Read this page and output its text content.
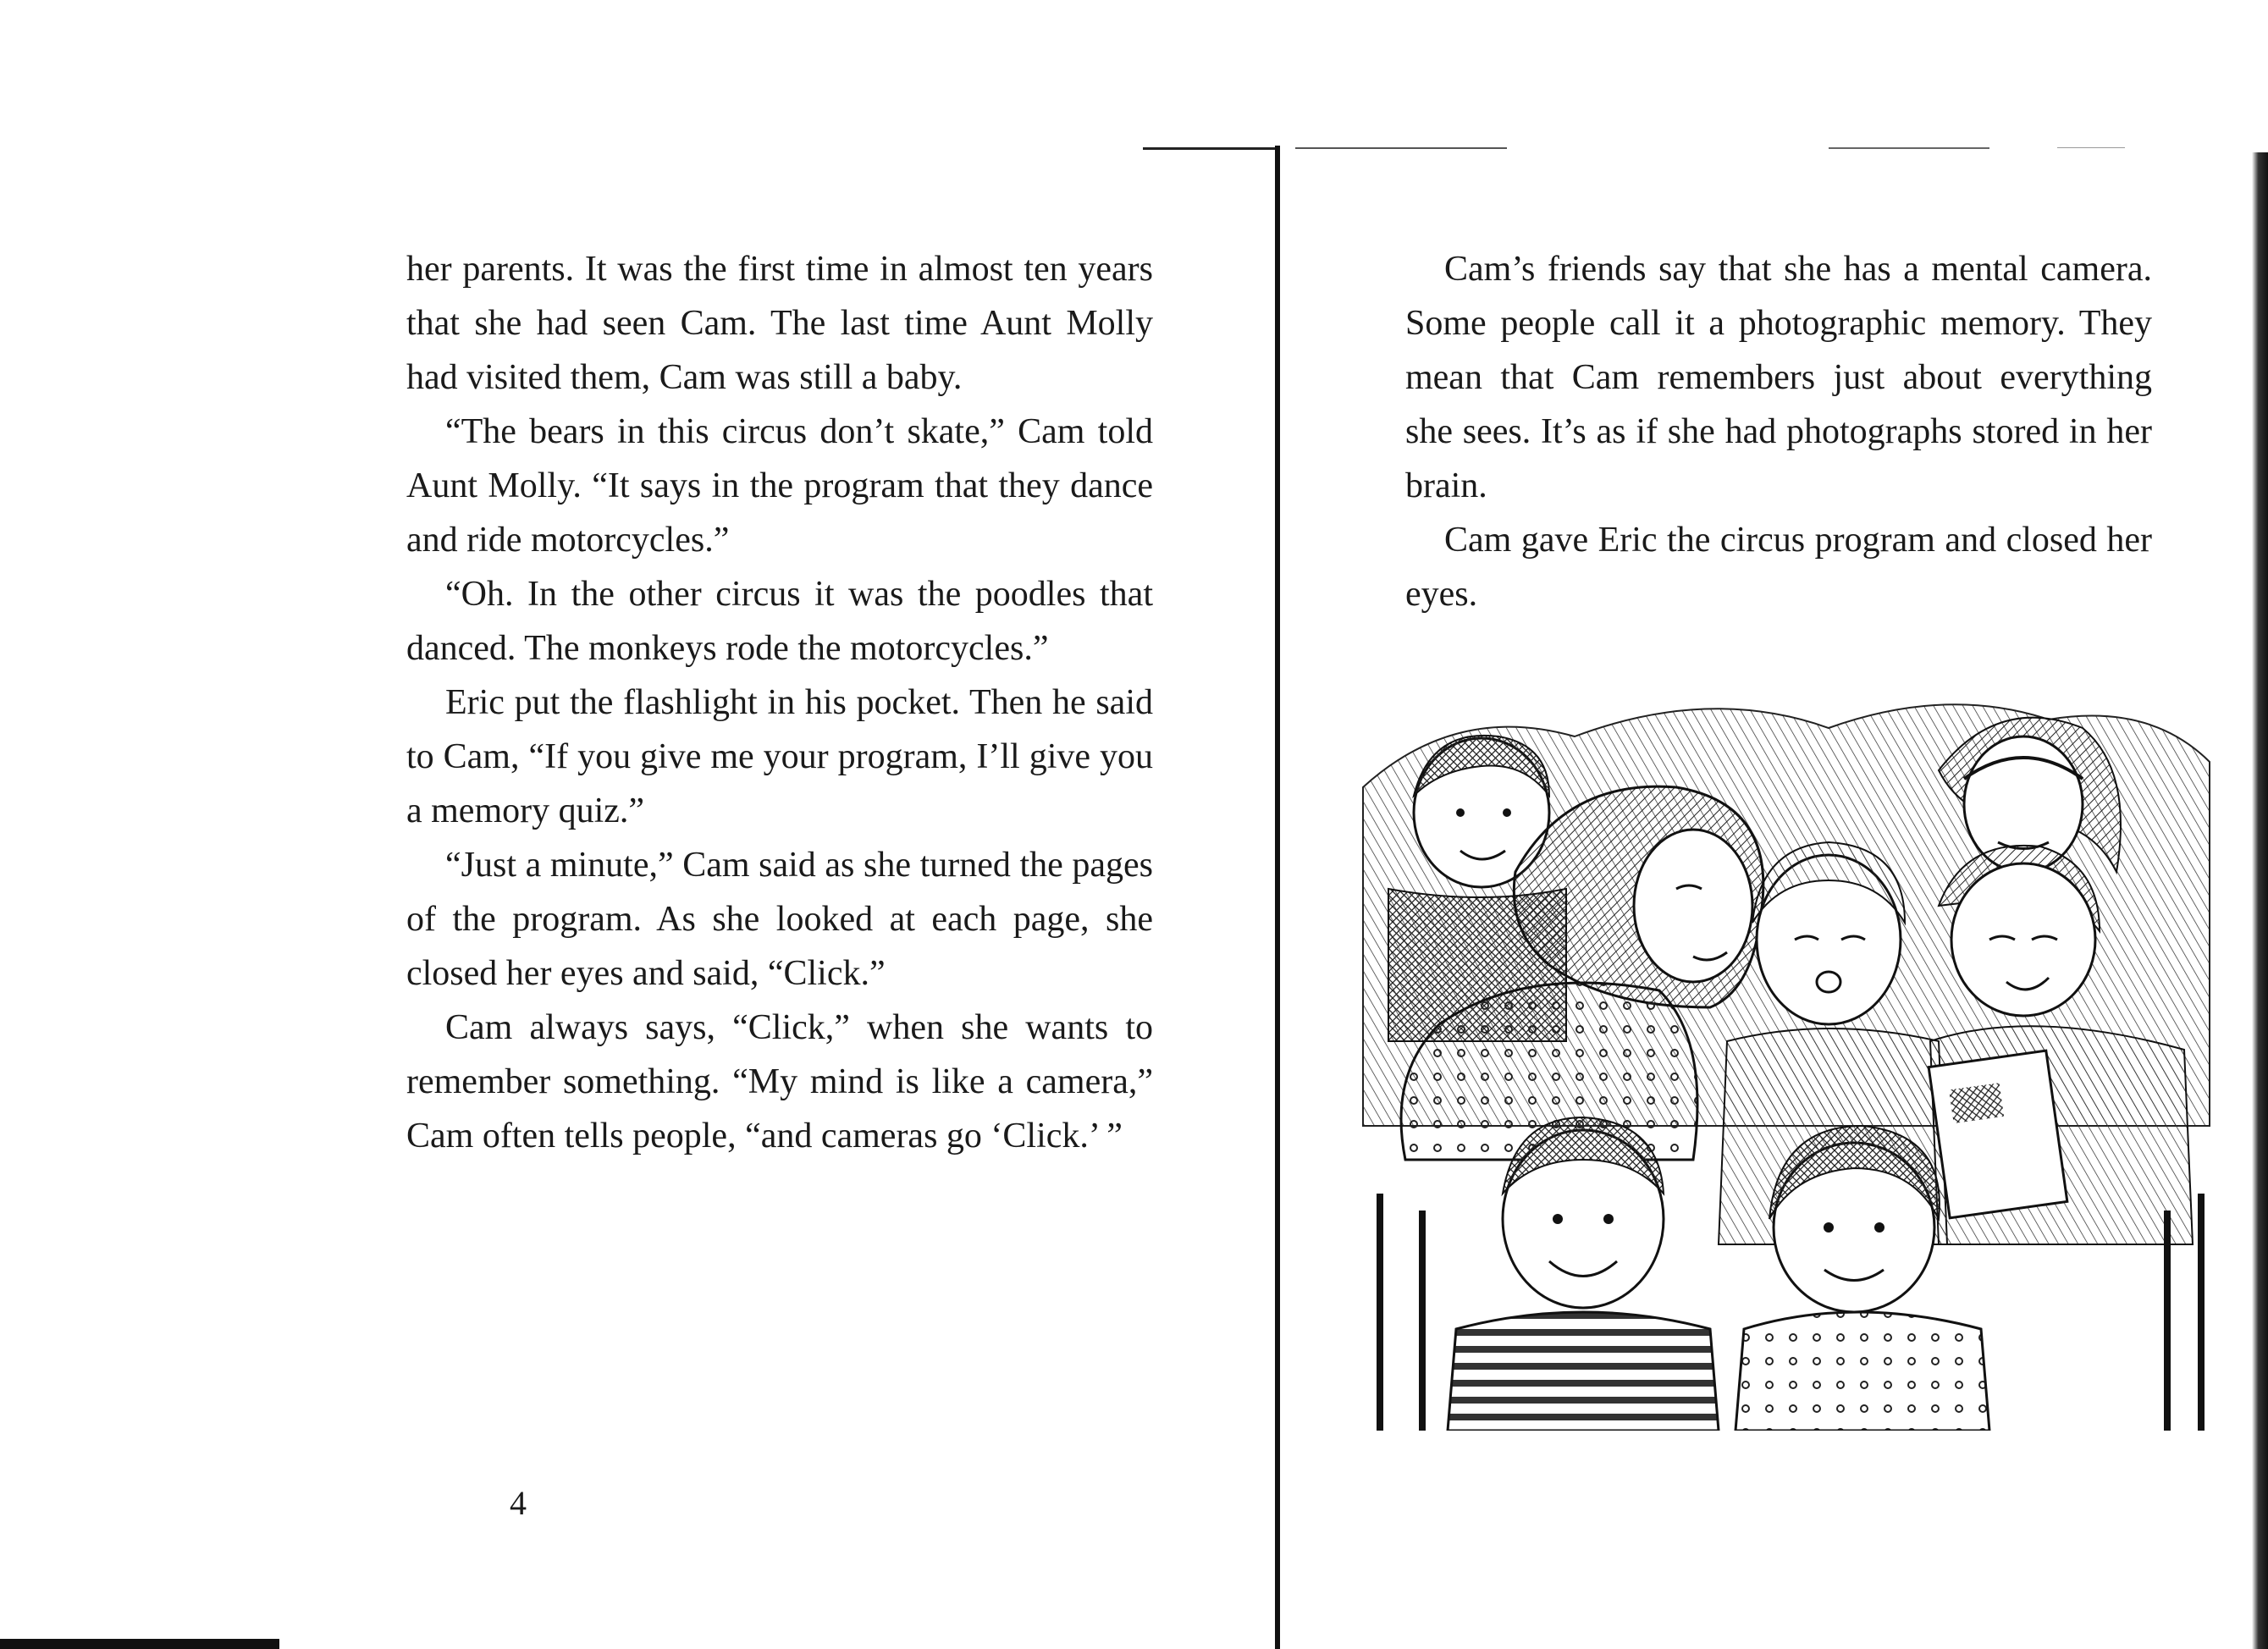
her parents. It was the first time in almost ten years that she had seen Cam. The last time Aunt Molly had visited them, Cam was still a baby.

“The bears in this circus don’t skate,” Cam told Aunt Molly. “It says in the program that they dance and ride motorcycles.”

“Oh. In the other circus it was the poodles that danced. The monkeys rode the motorcycles.”

Eric put the flashlight in his pocket. Then he said to Cam, “If you give me your program, I’ll give you a memory quiz.”

“Just a minute,” Cam said as she turned the pages of the program. As she looked at each page, she closed her eyes and said, “Click.”

Cam always says, “Click,” when she wants to remember something. “My mind is like a camera,” Cam often tells people, “and cameras go ‘Click.’ ”

4

Cam’s friends say that she has a mental camera. Some people call it a photographic memory. They mean that Cam remembers just about everything she sees. It’s as if she had photographs stored in her brain.

Cam gave Eric the circus program and closed her eyes.
